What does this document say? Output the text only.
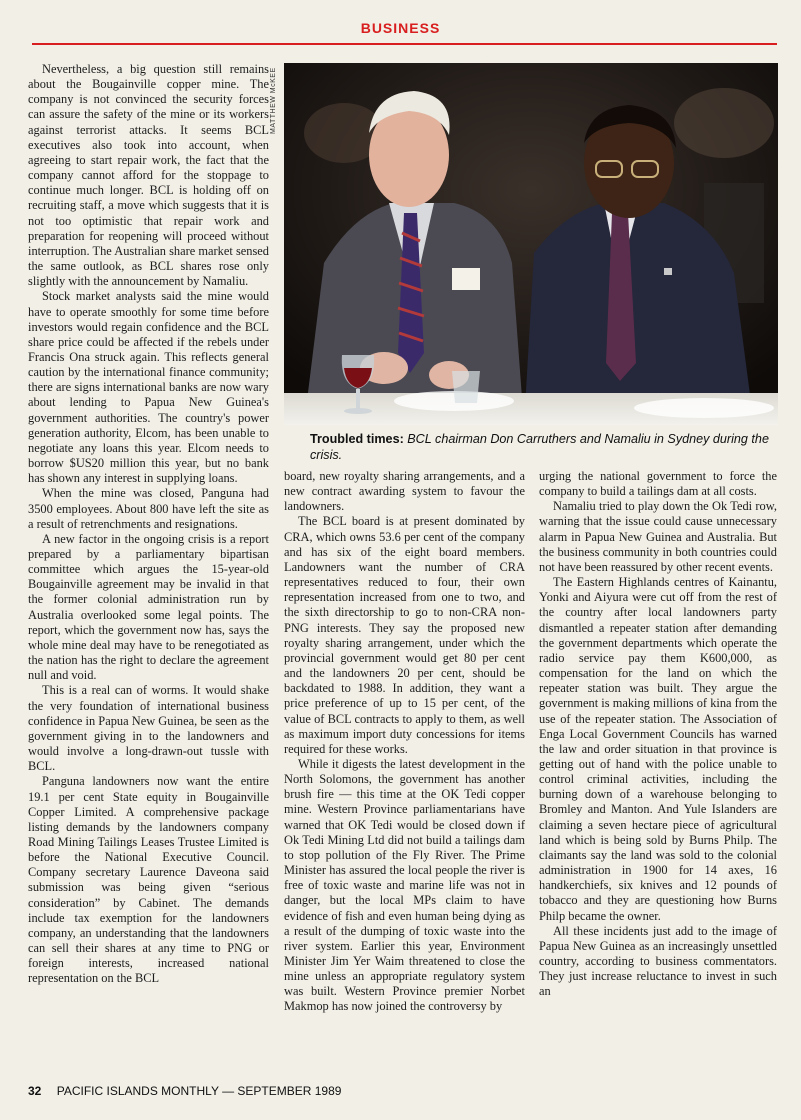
BUSINESS
MATTHEW McKEE
Troubled times: BCL chairman Don Carruthers and Namaliu in Sydney during the crisis.

Nevertheless, a big question still remains about the Bougainville copper mine. The company is not convinced the security forces can assure the safety of the mine or its workers against terrorist attacks. It seems BCL executives also took into account, when agreeing to start repair work, the fact that the company cannot afford for the stoppage to continue much longer. BCL is holding off on recruiting staff, a move which suggests that it is not too optimistic that repair work and preparation for reopening will proceed without interruption. The Australian share market sensed the same outlook, as BCL shares rose only slightly with the announcement by Namaliu.

Stock market analysts said the mine would have to operate smoothly for some time before investors would regain confidence and the BCL share price could be affected if the rebels under Francis Ona struck again. This reflects general caution by the international finance community; there are signs international banks are now wary about lending to Papua New Guinea's government authorities. The country's power generation authority, Elcom, has been unable to negotiate any loans this year. Elcom needs to borrow $US20 million this year, but no bank has shown any interest in supplying loans.

When the mine was closed, Panguna had 3500 employees. About 800 have left the site as a result of retrenchments and resignations.

A new factor in the ongoing crisis is a report prepared by a parliamentary bipartisan committee which argues the 15-year-old Bougainville agreement may be invalid in that the former colonial administration run by Australia overlooked some legal points. The report, which the government now has, says the whole mine deal may have to be renegotiated as the nation has the right to declare the agreement null and void.

This is a real can of worms. It would shake the very foundation of international business confidence in Papua New Guinea, be seen as the government giving in to the landowners and would involve a long-drawn-out tussle with BCL.

Panguna landowners now want the entire 19.1 per cent State equity in Bougainville Copper Limited. A comprehensive package listing demands by the landowners company Road Mining Tailings Leases Trustee Limited is before the National Executive Council. Company secretary Laurence Daveona said submission was being given “serious consideration” by Cabinet. The demands include tax exemption for the landowners company, an understanding that the landowners can sell their shares at any time to PNG or foreign interests, increased national representation on the BCL

board, new royalty sharing arrangements, and a new contract awarding system to favour the landowners.

The BCL board is at present dominated by CRA, which owns 53.6 per cent of the company and has six of the eight board members. Landowners want the number of CRA representatives reduced to four, their own representation increased from one to two, and the sixth directorship to go to non-CRA non-PNG interests. They say the proposed new royalty sharing arrangement, under which the provincial government would get 80 per cent and the landowners 20 per cent, should be backdated to 1988. In addition, they want a price preference of up to 15 per cent, of the value of BCL contracts to apply to them, as well as maximum import duty concessions for items required for these works.

While it digests the latest development in the North Solomons, the government has another brush fire — this time at the OK Tedi copper mine. Western Province parliamentarians have warned that OK Tedi would be closed down if Ok Tedi Mining Ltd did not build a tailings dam to stop pollution of the Fly River. The Prime Minister has assured the local people the river is free of toxic waste and marine life was not in danger, but the local MPs claim to have evidence of fish and even human being dying as a result of the dumping of toxic waste into the river system. Earlier this year, Environment Minister Jim Yer Waim threatened to close the mine unless an appropriate regulatory system was built. Western Province premier Norbet Makmop has now joined the controversy by

urging the national government to force the company to build a tailings dam at all costs.

Namaliu tried to play down the Ok Tedi row, warning that the issue could cause unnecessary alarm in Papua New Guinea and Australia. But the business community in both countries could not have been reassured by other recent events.

The Eastern Highlands centres of Kainantu, Yonki and Aiyura were cut off from the rest of the country after local landowners party dismantled a repeater station after demanding the government departments which operate the radio service pay them K600,000, as compensation for the land on which the repeater station was built. They argue the government is making millions of kina from the use of the repeater station. The Association of Enga Local Government Councils has warned the law and order situation in that province is getting out of hand with the police unable to control criminal activities, including the burning down of a warehouse belonging to Bromley and Manton. And Yule Islanders are claiming a seven hectare piece of agricultural land which is being sold by Burns Philp. The claimants say the land was sold to the colonial administration in 1900 for 14 axes, 16 handkerchiefs, six knives and 12 pounds of tobacco and they are questioning how Burns Philp became the owner.

All these incidents just add to the image of Papua New Guinea as an increasingly unsettled country, according to business commentators. They just increase reluctance to invest in such an

32 PACIFIC ISLANDS MONTHLY — SEPTEMBER 1989
